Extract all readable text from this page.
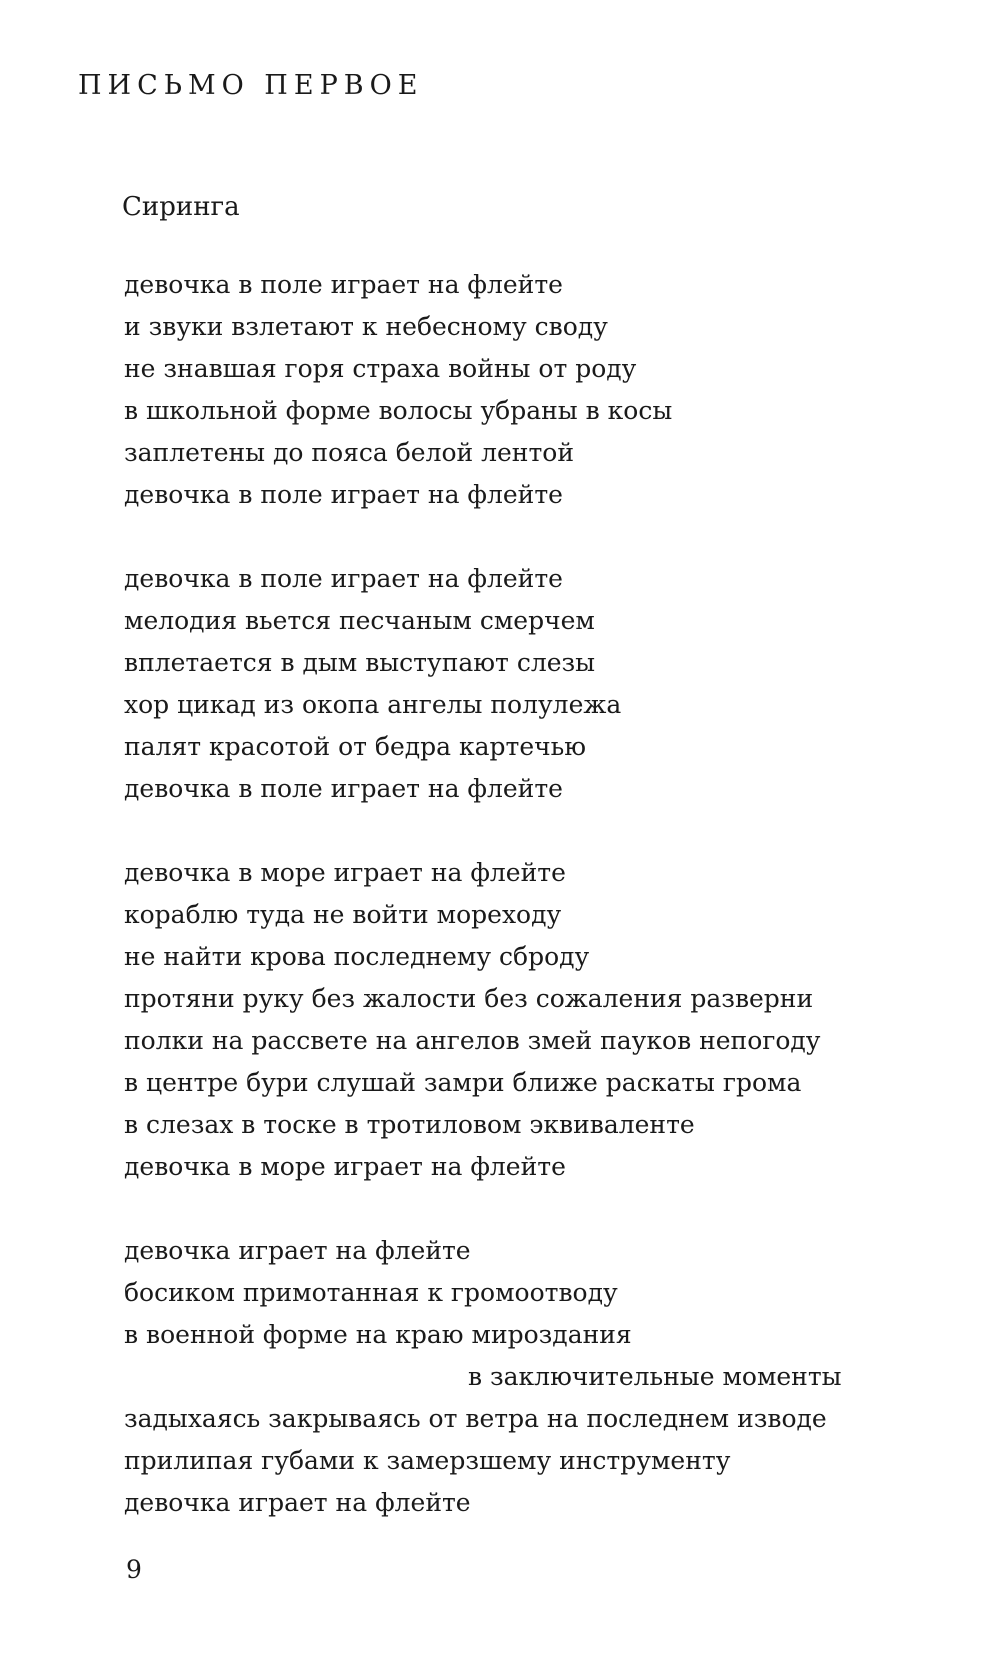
ПИСЬМО ПЕРВОЕ
Сиринга
девочка в поле играет на флейте
и звуки взлетают к небесному своду
не знавшая горя страха войны от роду
в школьной форме волосы убраны в косы
заплетены до пояса белой лентой
девочка в поле играет на флейте
девочка в поле играет на флейте
мелодия вьется песчаным смерчем
вплетается в дым выступают слезы
хор цикад из окопа ангелы полулежа
палят красотой от бедра картечью
девочка в поле играет на флейте
девочка в море играет на флейте
кораблю туда не войти мореходу
не найти крова последнему сброду
протяни руку без жалости без сожаления разверни
полки на рассвете на ангелов змей пауков непогоду
в центре бури слушай замри ближе раскаты грома
в слезах в тоске в тротиловом эквиваленте
девочка в море играет на флейте
девочка играет на флейте
босиком примотанная к громоотводу
в военной форме на краю мироздания
в заключительные моменты
задыхаясь закрываясь от ветра на последнем изводе
прилипая губами к замерзшему инструменту
девочка играет на флейте
9
